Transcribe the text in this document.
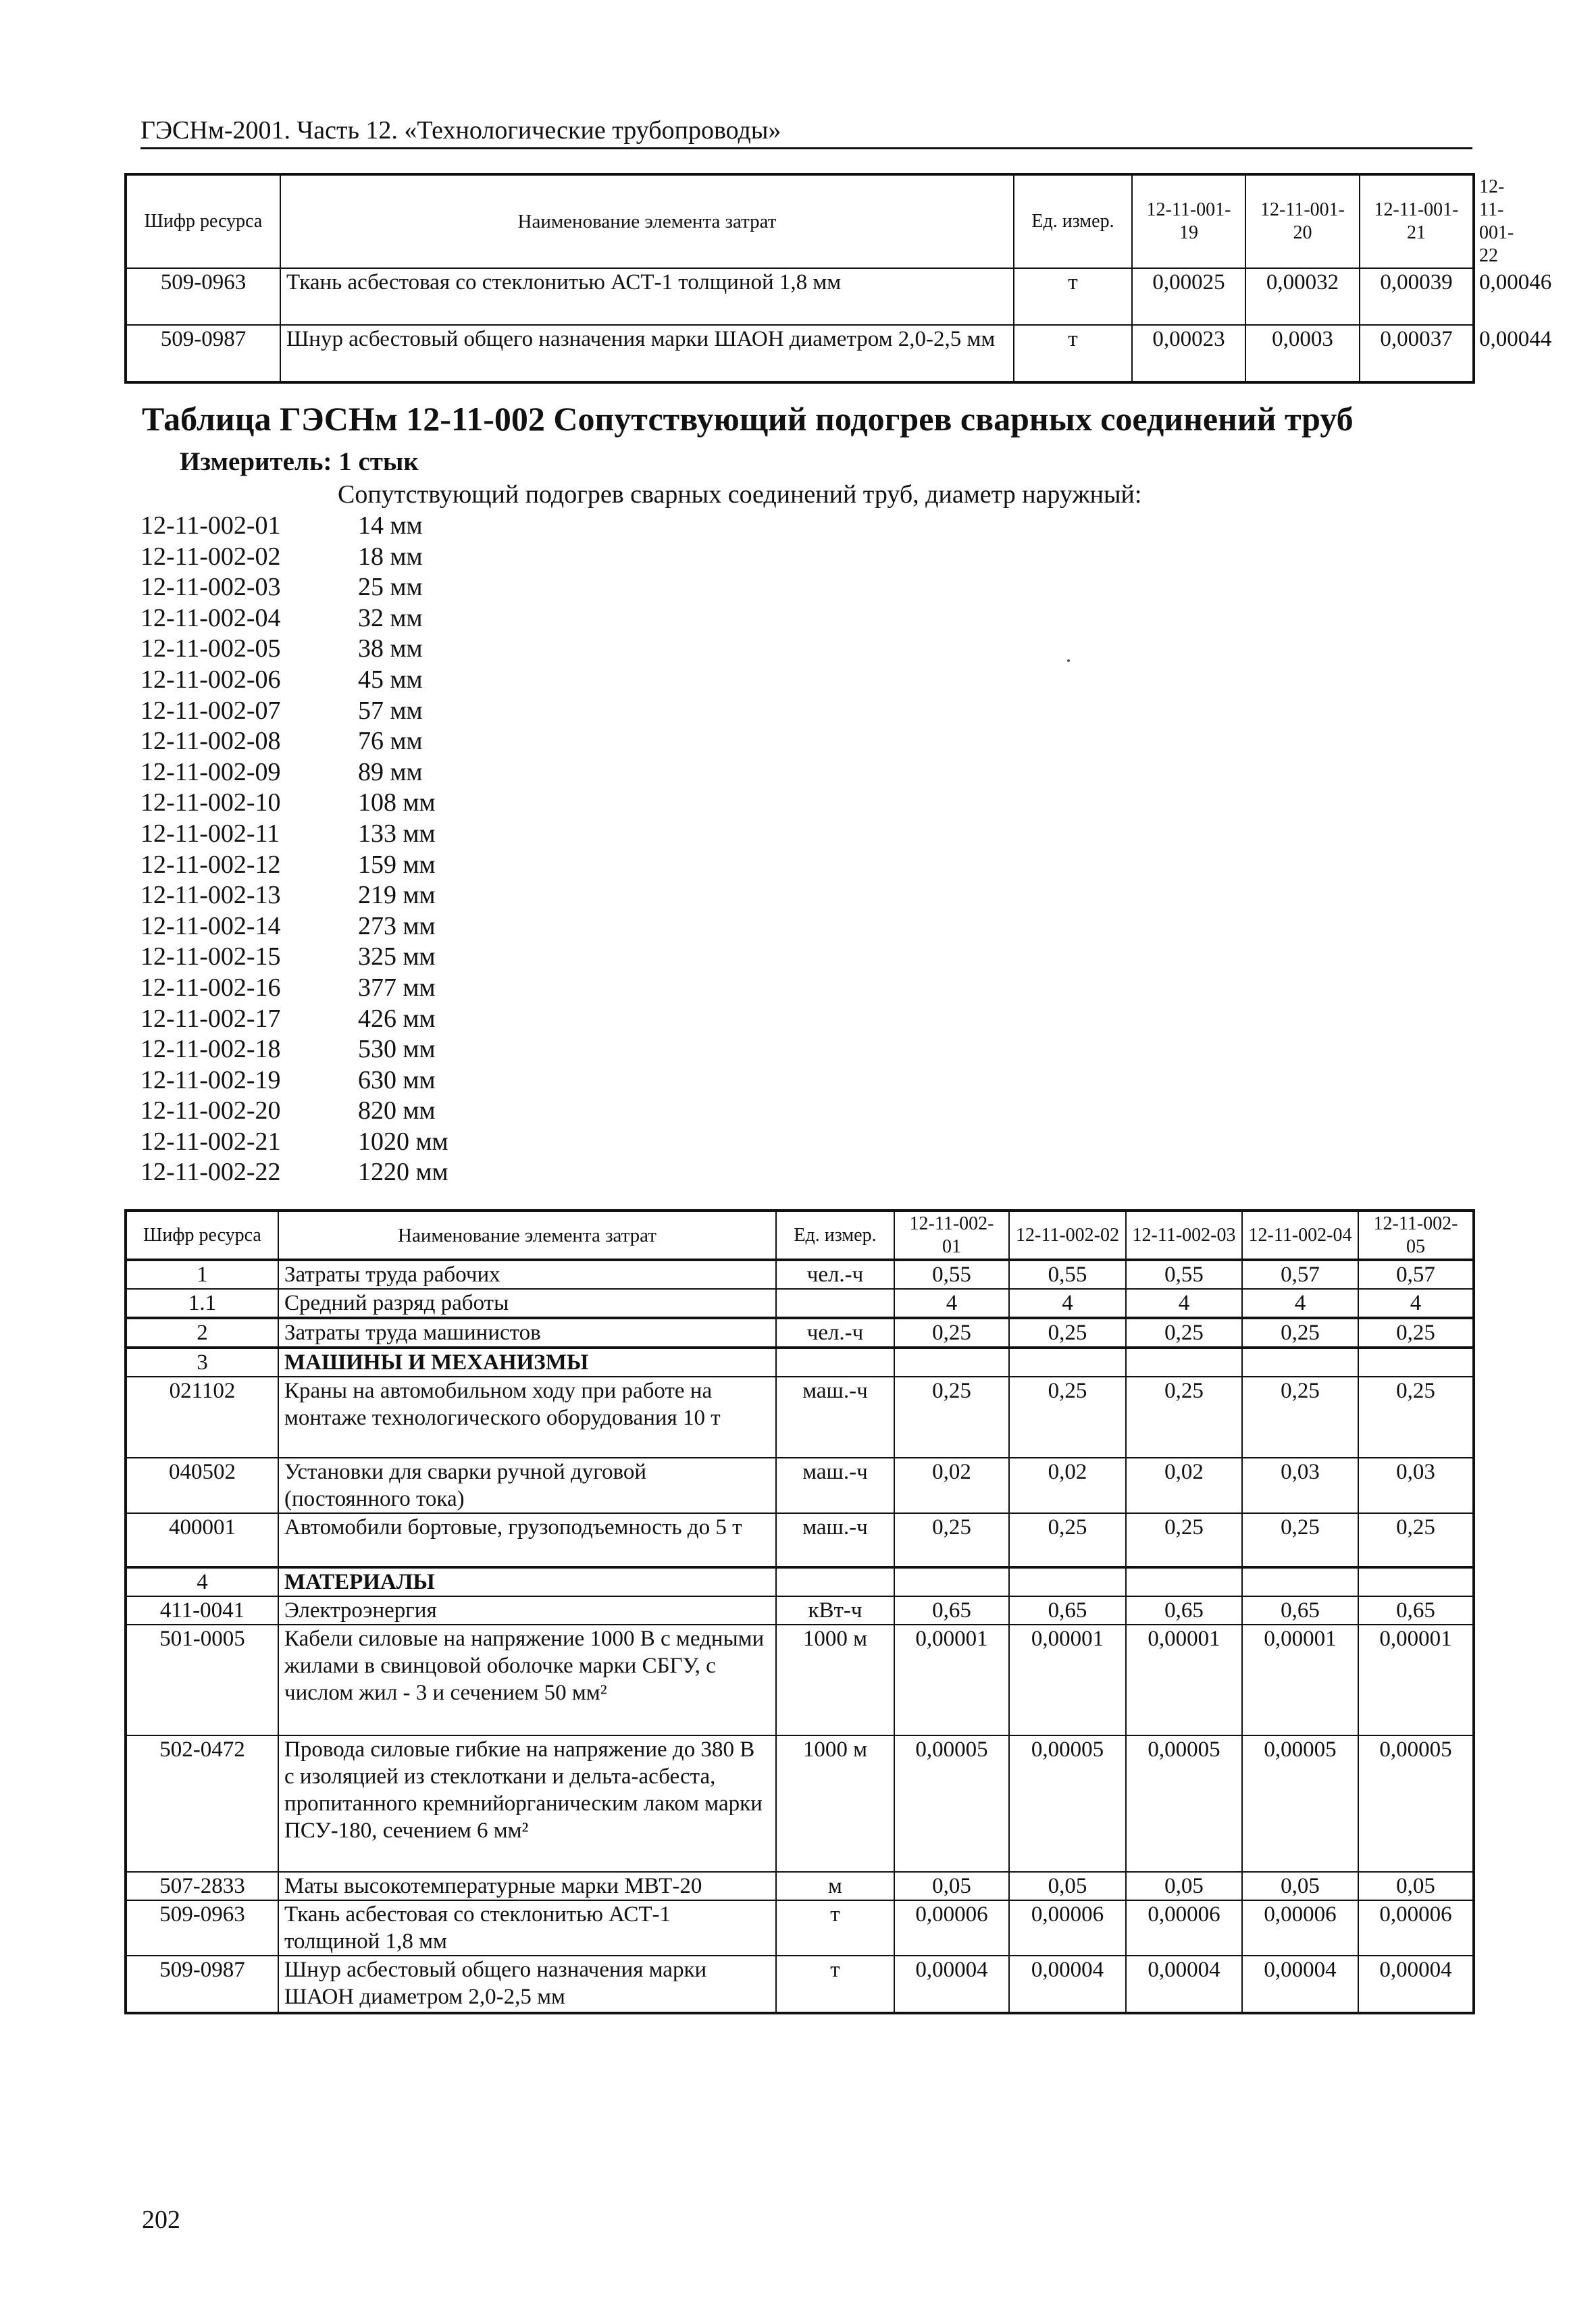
ГЭСНм-2001. Часть 12. «Технологические трубопроводы»
Шифр ресурса	Наименование элемента затрат	Ед. измер.	12-11-001-19	12-11-001-20	12-11-001-21	12-11-001-22
509-0963	Ткань асбестовая со стеклонитью АСТ-1 толщиной 1,8 мм	т	0,00025	0,00032	0,00039	0,00046
509-0987	Шнур асбестовый общего назначения марки ШАОН диаметром 2,0-2,5 мм	т	0,00023	0,0003	0,00037	0,00044
Таблица ГЭСНм 12-11-002 Сопутствующий подогрев сварных соединений труб
Измеритель: 1 стык
Сопутствующий подогрев сварных соединений труб, диаметр наружный:
12-11-002-01	14 мм
12-11-002-02	18 мм
12-11-002-03	25 мм
12-11-002-04	32 мм
12-11-002-05	38 мм
12-11-002-06	45 мм
12-11-002-07	57 мм
12-11-002-08	76 мм
12-11-002-09	89 мм
12-11-002-10	108 мм
12-11-002-11	133 мм
12-11-002-12	159 мм
12-11-002-13	219 мм
12-11-002-14	273 мм
12-11-002-15	325 мм
12-11-002-16	377 мм
12-11-002-17	426 мм
12-11-002-18	530 мм
12-11-002-19	630 мм
12-11-002-20	820 мм
12-11-002-21	1020 мм
12-11-002-22	1220 мм
Шифр ресурса	Наименование элемента затрат	Ед. измер.	12-11-002-01	12-11-002-02	12-11-002-03	12-11-002-04	12-11-002-05
1	Затраты труда рабочих	чел.-ч	0,55	0,55	0,55	0,57	0,57
1.1	Средний разряд работы		4	4	4	4	4
2	Затраты труда машинистов	чел.-ч	0,25	0,25	0,25	0,25	0,25
3	МАШИНЫ И МЕХАНИЗМЫ						
021102	Краны на автомобильном ходу при работе на монтаже технологического оборудования 10 т	маш.-ч	0,25	0,25	0,25	0,25	0,25
040502	Установки для сварки ручной дуговой (постоянного тока)	маш.-ч	0,02	0,02	0,02	0,03	0,03
400001	Автомобили бортовые, грузоподъемность до 5 т	маш.-ч	0,25	0,25	0,25	0,25	0,25
4	МАТЕРИАЛЫ						
411-0041	Электроэнергия	кВт-ч	0,65	0,65	0,65	0,65	0,65
501-0005	Кабели силовые на напряжение 1000 В с медными жилами в свинцовой оболочке марки СБГУ, с числом жил - 3 и сечением 50 мм²	1000 м	0,00001	0,00001	0,00001	0,00001	0,00001
502-0472	Провода силовые гибкие на напряжение до 380 В с изоляцией из стеклоткани и дельта-асбеста, пропитанного кремнийорганическим лаком марки ПСУ-180, сечением 6 мм²	1000 м	0,00005	0,00005	0,00005	0,00005	0,00005
507-2833	Маты высокотемпературные марки МВТ-20	м	0,05	0,05	0,05	0,05	0,05
509-0963	Ткань асбестовая со стеклонитью АСТ-1 толщиной 1,8 мм	т	0,00006	0,00006	0,00006	0,00006	0,00006
509-0987	Шнур асбестовый общего назначения марки ШАОН диаметром 2,0-2,5 мм	т	0,00004	0,00004	0,00004	0,00004	0,00004
202
